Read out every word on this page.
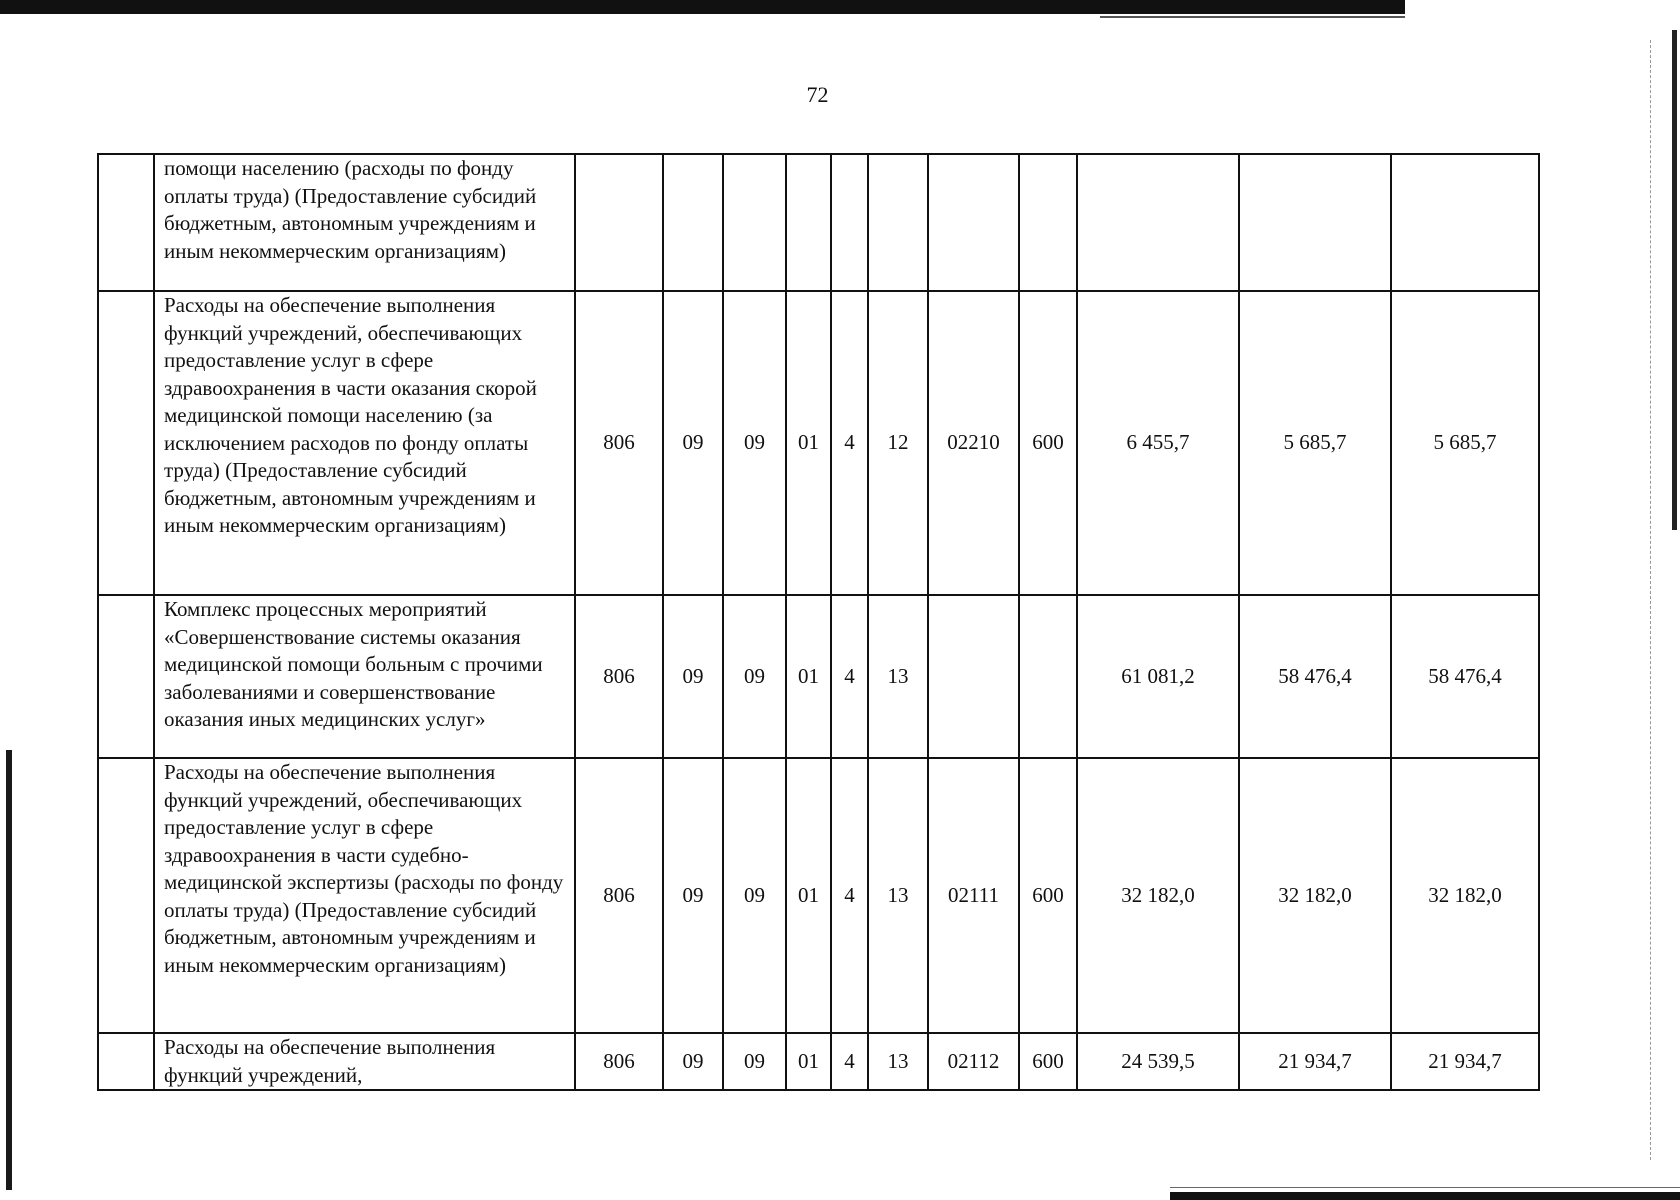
72
	помощи населению (расходы по фонду оплаты труда) (Предоставление субсидий бюджетным, автономным учреждениям и иным некоммерческим организациям)											
	Расходы на обеспечение выполнения функций учреждений, обеспечивающих предоставление услуг в сфере здравоохранения в части оказания скорой медицинской помощи населению (за исключением расходов по фонду оплаты труда) (Предоставление субсидий бюджетным, автономным учреждениям и иным некоммерческим организациям)	806	09	09	01	4	12	02210	600	6 455,7	5 685,7	5 685,7
	Комплекс процессных мероприятий «Совершенствование системы оказания медицинской помощи больным с прочими заболеваниями и совершенствование оказания иных медицинских услуг»	806	09	09	01	4	13			61 081,2	58 476,4	58 476,4
	Расходы на обеспечение выполнения функций учреждений, обеспечивающих предоставление услуг в сфере здравоохранения в части судебно-медицинской экспертизы (расходы по фонду оплаты труда) (Предоставление субсидий бюджетным, автономным учреждениям и иным некоммерческим организациям)	806	09	09	01	4	13	02111	600	32 182,0	32 182,0	32 182,0
	Расходы на обеспечение выполнения функций учреждений,	806	09	09	01	4	13	02112	600	24 539,5	21 934,7	21 934,7
